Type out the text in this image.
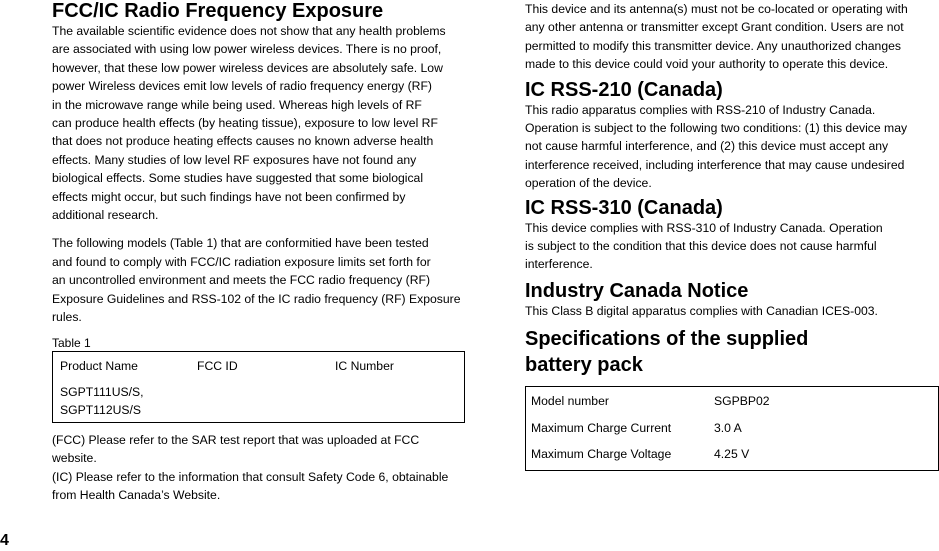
FCC/IC Radio Frequency Exposure

The available scientific evidence does not show that any health problems
are associated with using low power wireless devices. There is no proof,
however, that these low power wireless devices are absolutely safe. Low
power Wireless devices emit low levels of radio frequency energy (RF)
in the microwave range while being used. Whereas high levels of RF
can produce health effects (by heating tissue), exposure to low level RF
that does not produce heating effects causes no known adverse health
effects. Many studies of low level RF exposures have not found any
biological effects. Some studies have suggested that some biological
effects might occur, but such findings have not been confirmed by
additional research.

The following models (Table 1) that are conformitied have been tested
and found to comply with FCC/IC radiation exposure limits set forth for
an uncontrolled environment and meets the FCC radio frequency (RF)
Exposure Guidelines and RSS-102 of the IC radio frequency (RF) Exposure
rules.

Table 1
Product Name	FCC ID	IC Number
SGPT111US/S,
SGPT112US/S		

(FCC) Please refer to the SAR test report that was uploaded at FCC
website.
(IC) Please refer to the information that consult Safety Code 6, obtainable
from Health Canada’s Website.

This device and its antenna(s) must not be co-located or operating with
any other antenna or transmitter except Grant condition. Users are not
permitted to modify this transmitter device. Any unauthorized changes
made to this device could void your authority to operate this device.

IC RSS-210 (Canada)

This radio apparatus complies with RSS-210 of Industry Canada.
Operation is subject to the following two conditions: (1) this device may
not cause harmful interference, and (2) this device must accept any
interference received, including interference that may cause undesired
operation of the device.

IC RSS-310 (Canada)

This device complies with RSS-310 of Industry Canada. Operation
is subject to the condition that this device does not cause harmful
interference.

Industry Canada Notice

This Class B digital apparatus complies with Canadian ICES-003.

Specifications of the supplied
battery pack
Model number	SGPBP02
Maximum Charge Current	3.0 A
Maximum Charge Voltage	4.25 V
4
